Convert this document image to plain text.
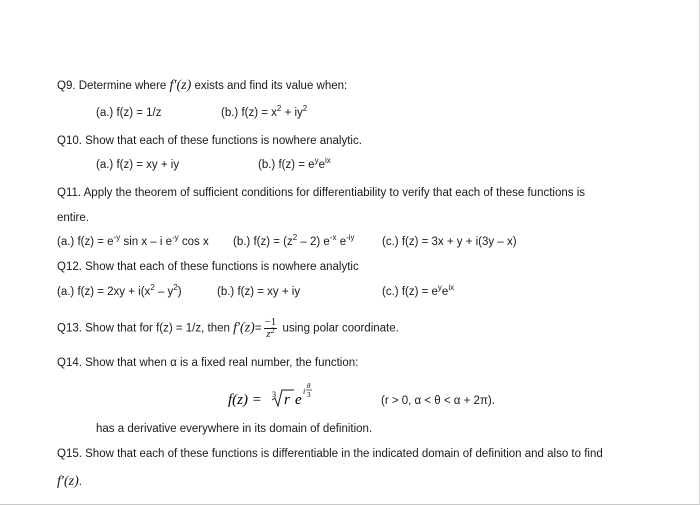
Q9. Determine where f′(z) exists and find its value when:
(a.) f(z) = 1/z	(b.) $f(z) = x^2 + iy^2$
Q10. Show that each of these functions is nowhere analytic.
(a.) f(z) = xy + iy	(b.) $f(z) = e^ye^{ix}$
Q11. Apply the theorem of sufficient conditions for differentiability to verify that each of these functions is
entire.
(a.) $f(z) = e^{-y}$ sin x – i $e^{-y}$ cos x (b.) $f(z) = (z^2 - 2)$ $e^{-x}$ $e^{-iy}$ (c.) f(z) = 3x + y + i(3y – x)
Q12. Show that each of these functions is nowhere analytic
(a.) $f(z) = 2xy + i(x^2 - y^2)$	(b.) f(z) = xy + iy	(c.) $f(z) = e^ye^{ix}$
Q13. Show that for f(z) = 1/z, then $f'(z)= \frac{-1}{z^2}$ using polar coordinate.
Q14. Show that when α is a fixed real number, the function:
f(z) = 3 r e
i
θ
3	(r > 0, α < θ < α + 2π).
has a derivative everywhere in its domain of definition.
Q15. Show that each of these functions is differentiable in the indicated domain of definition and also to find
f′(z).
